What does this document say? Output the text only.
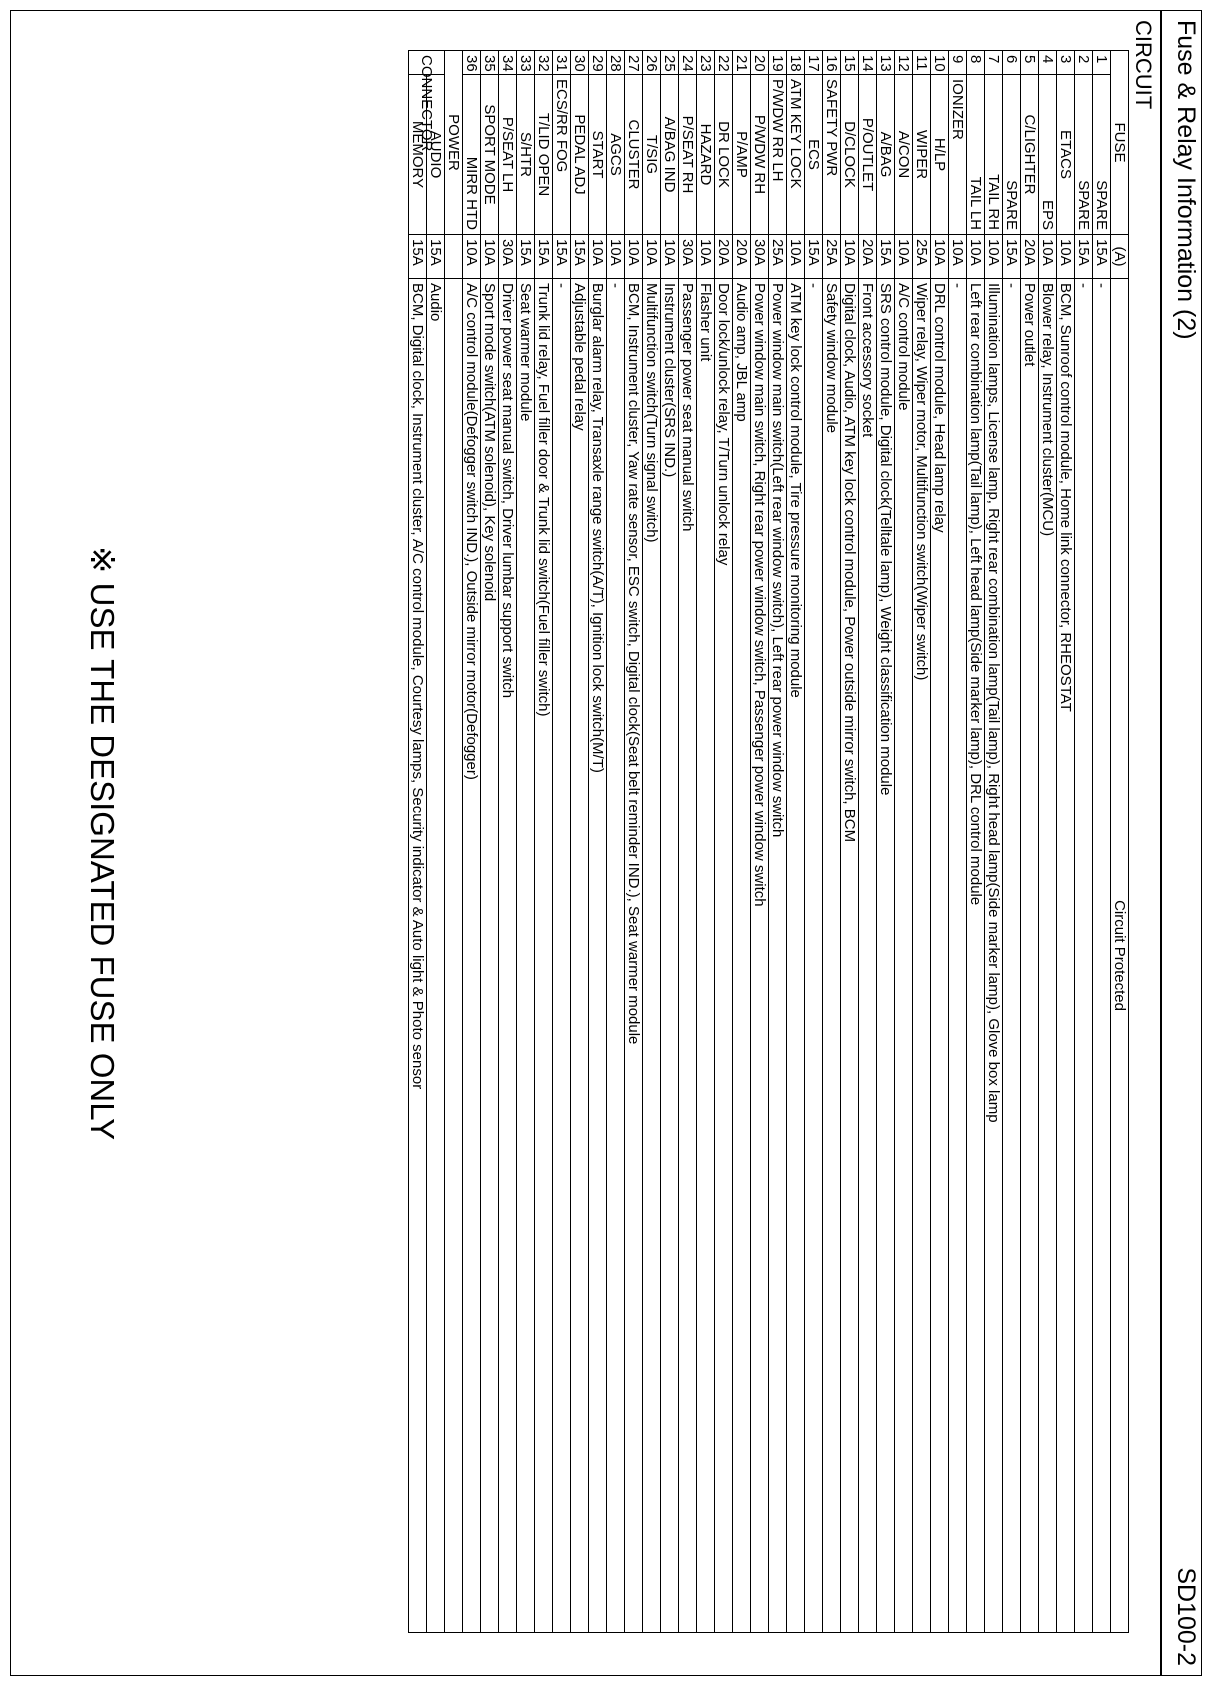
Fuse & Relay Information (2)
SD100-2
CIRCUIT
FUSE		(A)	Circuit Protected
1	SPARE	15A	-
2	SPARE	15A	-
3	ETACS	10A	BCM, Sunroof control module, Home link connector, RHEOSTAT
4	EPS	10A	Blower relay, Instrument cluster(MCU)
5	C/LIGHTER	20A	Power outlet
6	SPARE	15A	-
7	TAIL RH	10A	Illumination lamps, License lamp, Right rear combination lamp(Tail lamp), Right head lamp(Side marker lamp), Glove box lamp
8	TAIL LH	10A	Left rear combination lamp(Tail lamp), Left head lamp(Side marker lamp), DRL control module
9	IONIZER	10A	-
10	H/LP	10A	DRL control module, Head lamp relay
11	WIPER	25A	Wiper relay, Wiper motor, Multifunction switch(Wiper switch)
12	A/CON	10A	A/C control module
13	A/BAG	15A	SRS control module, Digital clock(Telltale lamp), Weight classification module
14	P/OUTLET	20A	Front accessory socket
15	D/CLOCK	10A	Digital clock, Audio, ATM key lock control module, Power outside mirror switch, BCM
16	SAFETY PWR	25A	Safety window module
17	ECS	15A	-
18	ATM KEY LOCK	10A	ATM key lock control module, Tire pressure monitoring module
19	P/WDW RR LH	25A	Power window main switch(Left rear window switch), Left rear power window switch
20	P/WDW RH	30A	Power window main switch, Right rear power window switch, Passenger power window switch
21	P/AMP	20A	Audio amp, JBL amp
22	DR LOCK	20A	Door lock/unlock relay, T/Turn unlock relay
23	HAZARD	10A	Flasher unit
24	P/SEAT RH	30A	Passenger power seat manual switch
25	A/BAG IND	10A	Instrument cluster(SRS IND.)
26	T/SIG	10A	Multifunction switch(Turn signal switch)
27	CLUSTER	10A	BCM, Instrument cluster, Yaw rate sensor, ESC switch, Digital clock(Seat belt reminder IND.), Seat warmer module
28	AGCS	10A	-
29	START	10A	Burglar alarm relay, Transaxle range switch(A/T), Ignition lock switch(M/T)
30	PEDAL ADJ	15A	Adjustable pedal relay
31	ECS/RR FOG	15A	-
32	T/LID OPEN	15A	Trunk lid relay, Fuel filler door & Trunk lid switch(Fuel filler switch)
33	S/HTR	15A	Seat warmer module
34	P/SEAT LH	30A	Driver power seat manual switch, Driver lumbar support switch
35	SPORT MODE	10A	Sport mode switch(ATM solenoid), Key solenoid
36	MIRR HTD	10A	A/C control module(Defogger switch IND.), Outside mirror motor(Defogger)
POWER			
CONNECTOR	AUDIO	15A	Audio
	MEMORY	15A	BCM, Digital clock, Instrument cluster, A/C control module, Courtesy lamps, Security indicator & Auto light & Photo sensor
※ USE THE DESIGNATED FUSE ONLY
